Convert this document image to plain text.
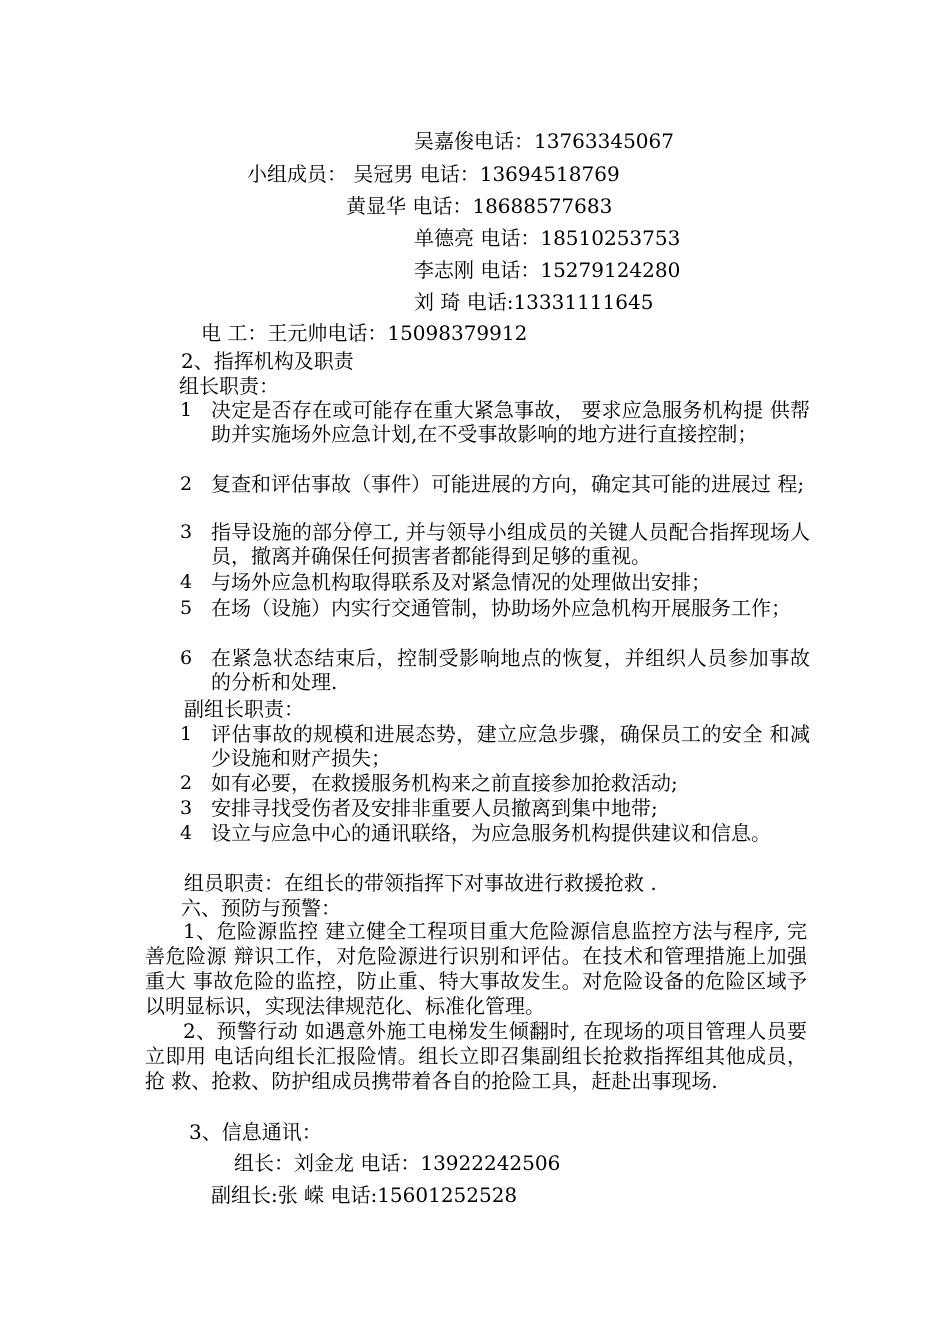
吴嘉俊电话：13763345067
小组成员： 吴冠男 电话：13694518769
黄显华 电话：18688577683
单德亮 电话：18510253753
李志刚 电话：15279124280
刘 琦 电话:13331111645
电 工：王元帅电话：15098379912
2、指挥机构及职责
组长职责：
1 决定是否存在或可能存在重大紧急事故， 要求应急服务机构提 供帮助并实施场外应急计划,在不受事故影响的地方进行直接控制；
2 复查和评估事故（事件）可能进展的方向，确定其可能的进展过 程;
3 指导设施的部分停工, 并与领导小组成员的关键人员配合指挥现场人员，撤离并确保任何损害者都能得到足够的重视。
4 与场外应急机构取得联系及对紧急情况的处理做出安排；
5 在场（设施）内实行交通管制，协助场外应急机构开展服务工作；
6 在紧急状态结束后，控制受影响地点的恢复，并组织人员参加事故的分析和处理.
副组长职责：
1 评估事故的规模和进展态势，建立应急步骤，确保员工的安全 和减少设施和财产损失；
2 如有必要，在救援服务机构来之前直接参加抢救活动;
3 安排寻找受伤者及安排非重要人员撤离到集中地带;
4 设立与应急中心的通讯联络，为应急服务机构提供建议和信息。
组员职责：在组长的带领指挥下对事故进行救援抢救 .
六、预防与预警：
1、危险源监控 建立健全工程项目重大危险源信息监控方法与程序, 完善危险源 辩识工作，对危险源进行识别和评估。在技术和管理措施上加强重大 事故危险的监控，防止重、特大事故发生。对危险设备的危险区域予 以明显标识，实现法律规范化、标准化管理。
2、预警行动 如遇意外施工电梯发生倾翻时, 在现场的项目管理人员要立即用 电话向组长汇报险情。组长立即召集副组长抢救指挥组其他成员，抢 救、抢救、防护组成员携带着各自的抢险工具，赶赴出事现场.
3、信息通讯：
组长：刘金龙 电话：13922242506
副组长:张 嵘 电话:15601252528
